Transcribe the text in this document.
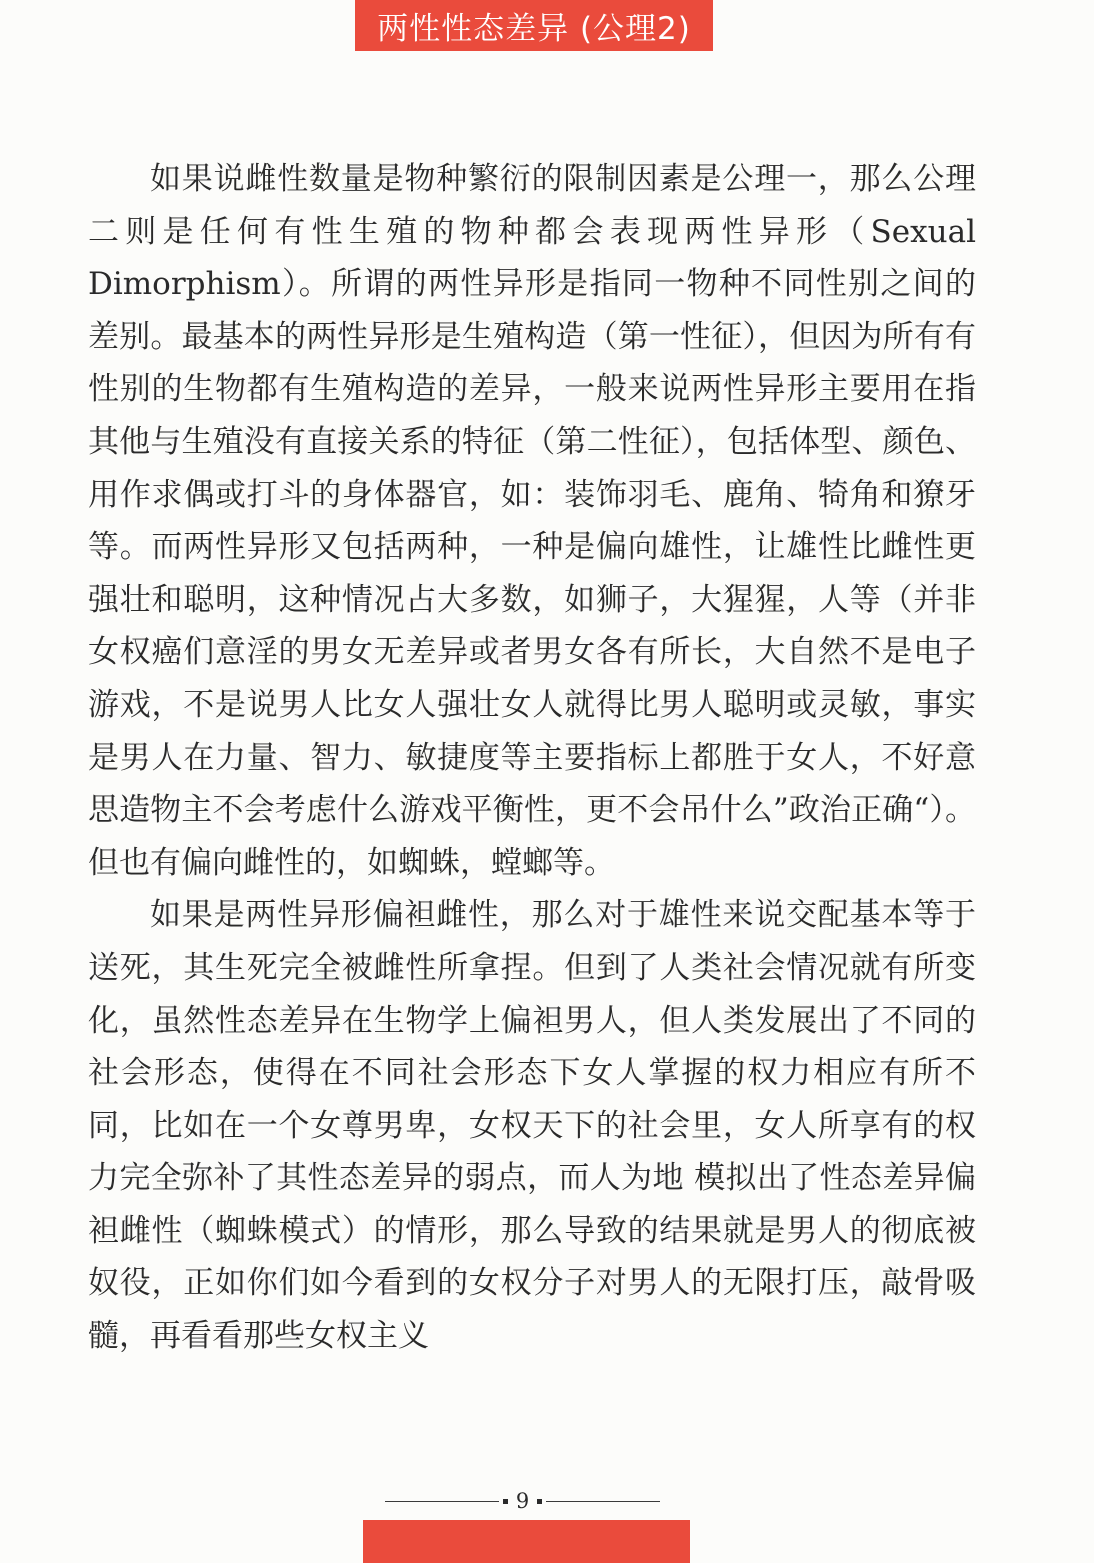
两性性态差异 (公理2)

如果说雌性数量是物种繁衍的限制因素是公理一，那么公理二则是任何有性生殖的物种都会表现两性异形（Sexual Dimorphism）。所谓的两性异形是指同一物种不同性别之间的 差别。最基本的两性异形是生殖构造（第一性征），但因为所有有性别的生物都有生殖构造的差异，一般来说两性异形主要用在指其他与生殖没有直接关系的特征（第二性征），包括体型、颜色、用作求偶或打斗的身体器官，如：装饰羽毛、鹿角、犄角和獠牙等。而两性异形又包括两种，一种是偏向雄性，让雄性比雌性更强壮和聪明，这种情况占大多数，如狮子，大猩猩，人等（并非女权癌们意淫的男女无差异或者男女各有所长，大自然不是电子游戏，不是说男人比女人强壮女人就得比男人聪明或灵敏，事实是男人在力量、智力、敏捷度等主要指标上都胜于女人，不好意思造物主不会考虑什么游戏平衡性，更不会吊什么”政治正确“）。但也有偏向雌性的，如蜘蛛，螳螂等。

如果是两性异形偏袒雌性，那么对于雄性来说交配基本等于送死，其生死完全被雌性所拿捏。但到了人类社会情况就有所变化，虽然性态差异在生物学上偏袒男人，但人类发展出了不同的社会形态，使得在不同社会形态下女人掌握的权力相应有所不同，比如在一个女尊男卑，女权天下的社会里，女人所享有的权力完全弥补了其性态差异的弱点，而人为地 模拟出了性态差异偏袒雌性（蜘蛛模式）的情形，那么导致的结果就是男人的彻底被奴役，正如你们如今看到的女权分子对男人的无限打压，敲骨吸髓，再看看那些女权主义

9
